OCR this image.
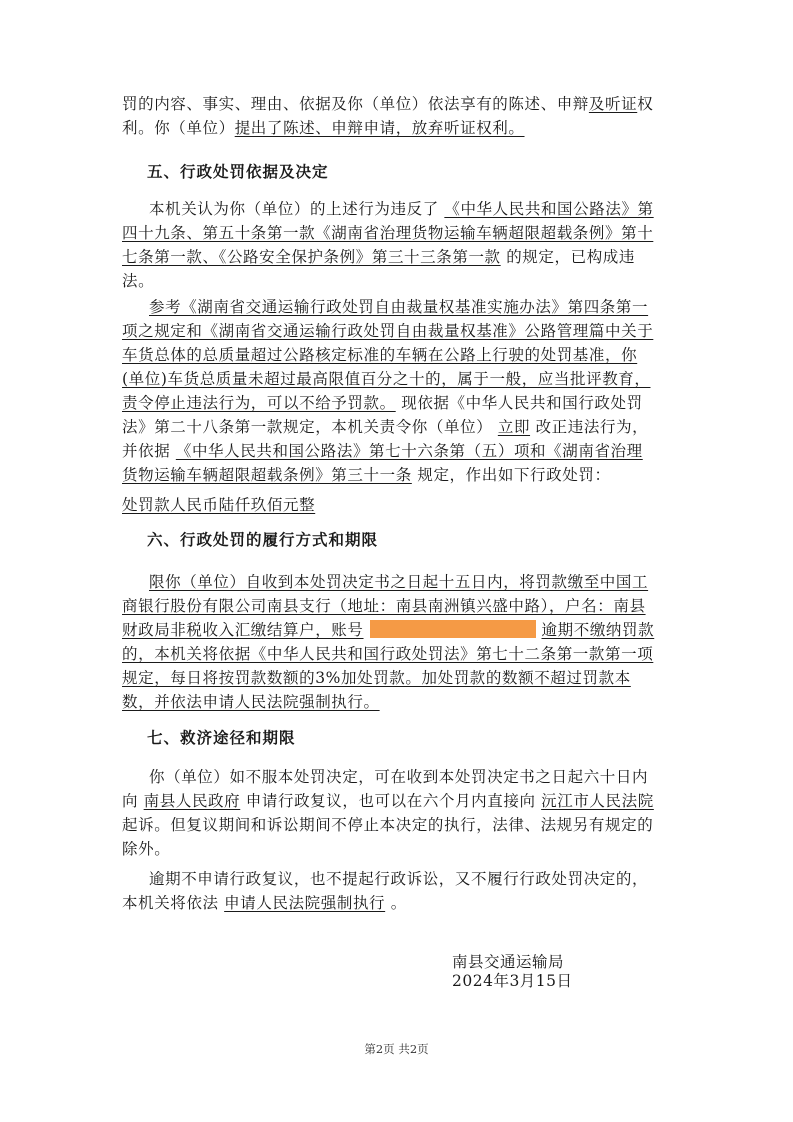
罚的内容、事实、理由、依据及你（单位）依法享有的陈述、申辩及听证权
利。你（单位）提出了陈述、申辩申请，放弃听证权利。
五、行政处罚依据及决定
本机关认为你（单位）的上述行为违反了 《中华人民共和国公路法》第
四十九条、第五十条第一款《湖南省治理货物运输车辆超限超载条例》第十
七条第一款、《公路安全保护条例》第三十三条第一款 的规定，已构成违
法。
参考《湖南省交通运输行政处罚自由裁量权基准实施办法》第四条第一
项之规定和《湖南省交通运输行政处罚自由裁量权基准》公路管理篇中关于
车货总体的总质量超过公路核定标准的车辆在公路上行驶的处罚基准，你
(单位)车货总质量未超过最高限值百分之十的，属于一般，应当批评教育，
责令停止违法行为，可以不给予罚款。 现依据《中华人民共和国行政处罚
法》第二十八条第一款规定，本机关责令你（单位） 立即 改正违法行为，
并依据 《中华人民共和国公路法》第七十六条第（五）项和《湖南省治理
货物运输车辆超限超载条例》第三十一条 规定，作出如下行政处罚：
处罚款人民币陆仟玖佰元整
六、行政处罚的履行方式和期限
限你（单位）自收到本处罚决定书之日起十五日内，将罚款缴至中国工
商银行股份有限公司南县支行（地址：南县南洲镇兴盛中路），户名：南县
财政局非税收入汇缴结算户，账号	逾期不缴纳罚款
的，本机关将依据《中华人民共和国行政处罚法》第七十二条第一款第一项
规定，每日将按罚款数额的3%加处罚款。加处罚款的数额不超过罚款本
数，并依法申请人民法院强制执行。
七、救济途径和期限
你（单位）如不服本处罚决定，可在收到本处罚决定书之日起六十日内
向 南县人民政府 申请行政复议，也可以在六个月内直接向 沅江市人民法院
起诉。但复议期间和诉讼期间不停止本决定的执行，法律、法规另有规定的
除外。
逾期不申请行政复议，也不提起行政诉讼，又不履行行政处罚决定的，
本机关将依法 申请人民法院强制执行 。
南县交通运输局
2024年3月15日
第2页 共2页
